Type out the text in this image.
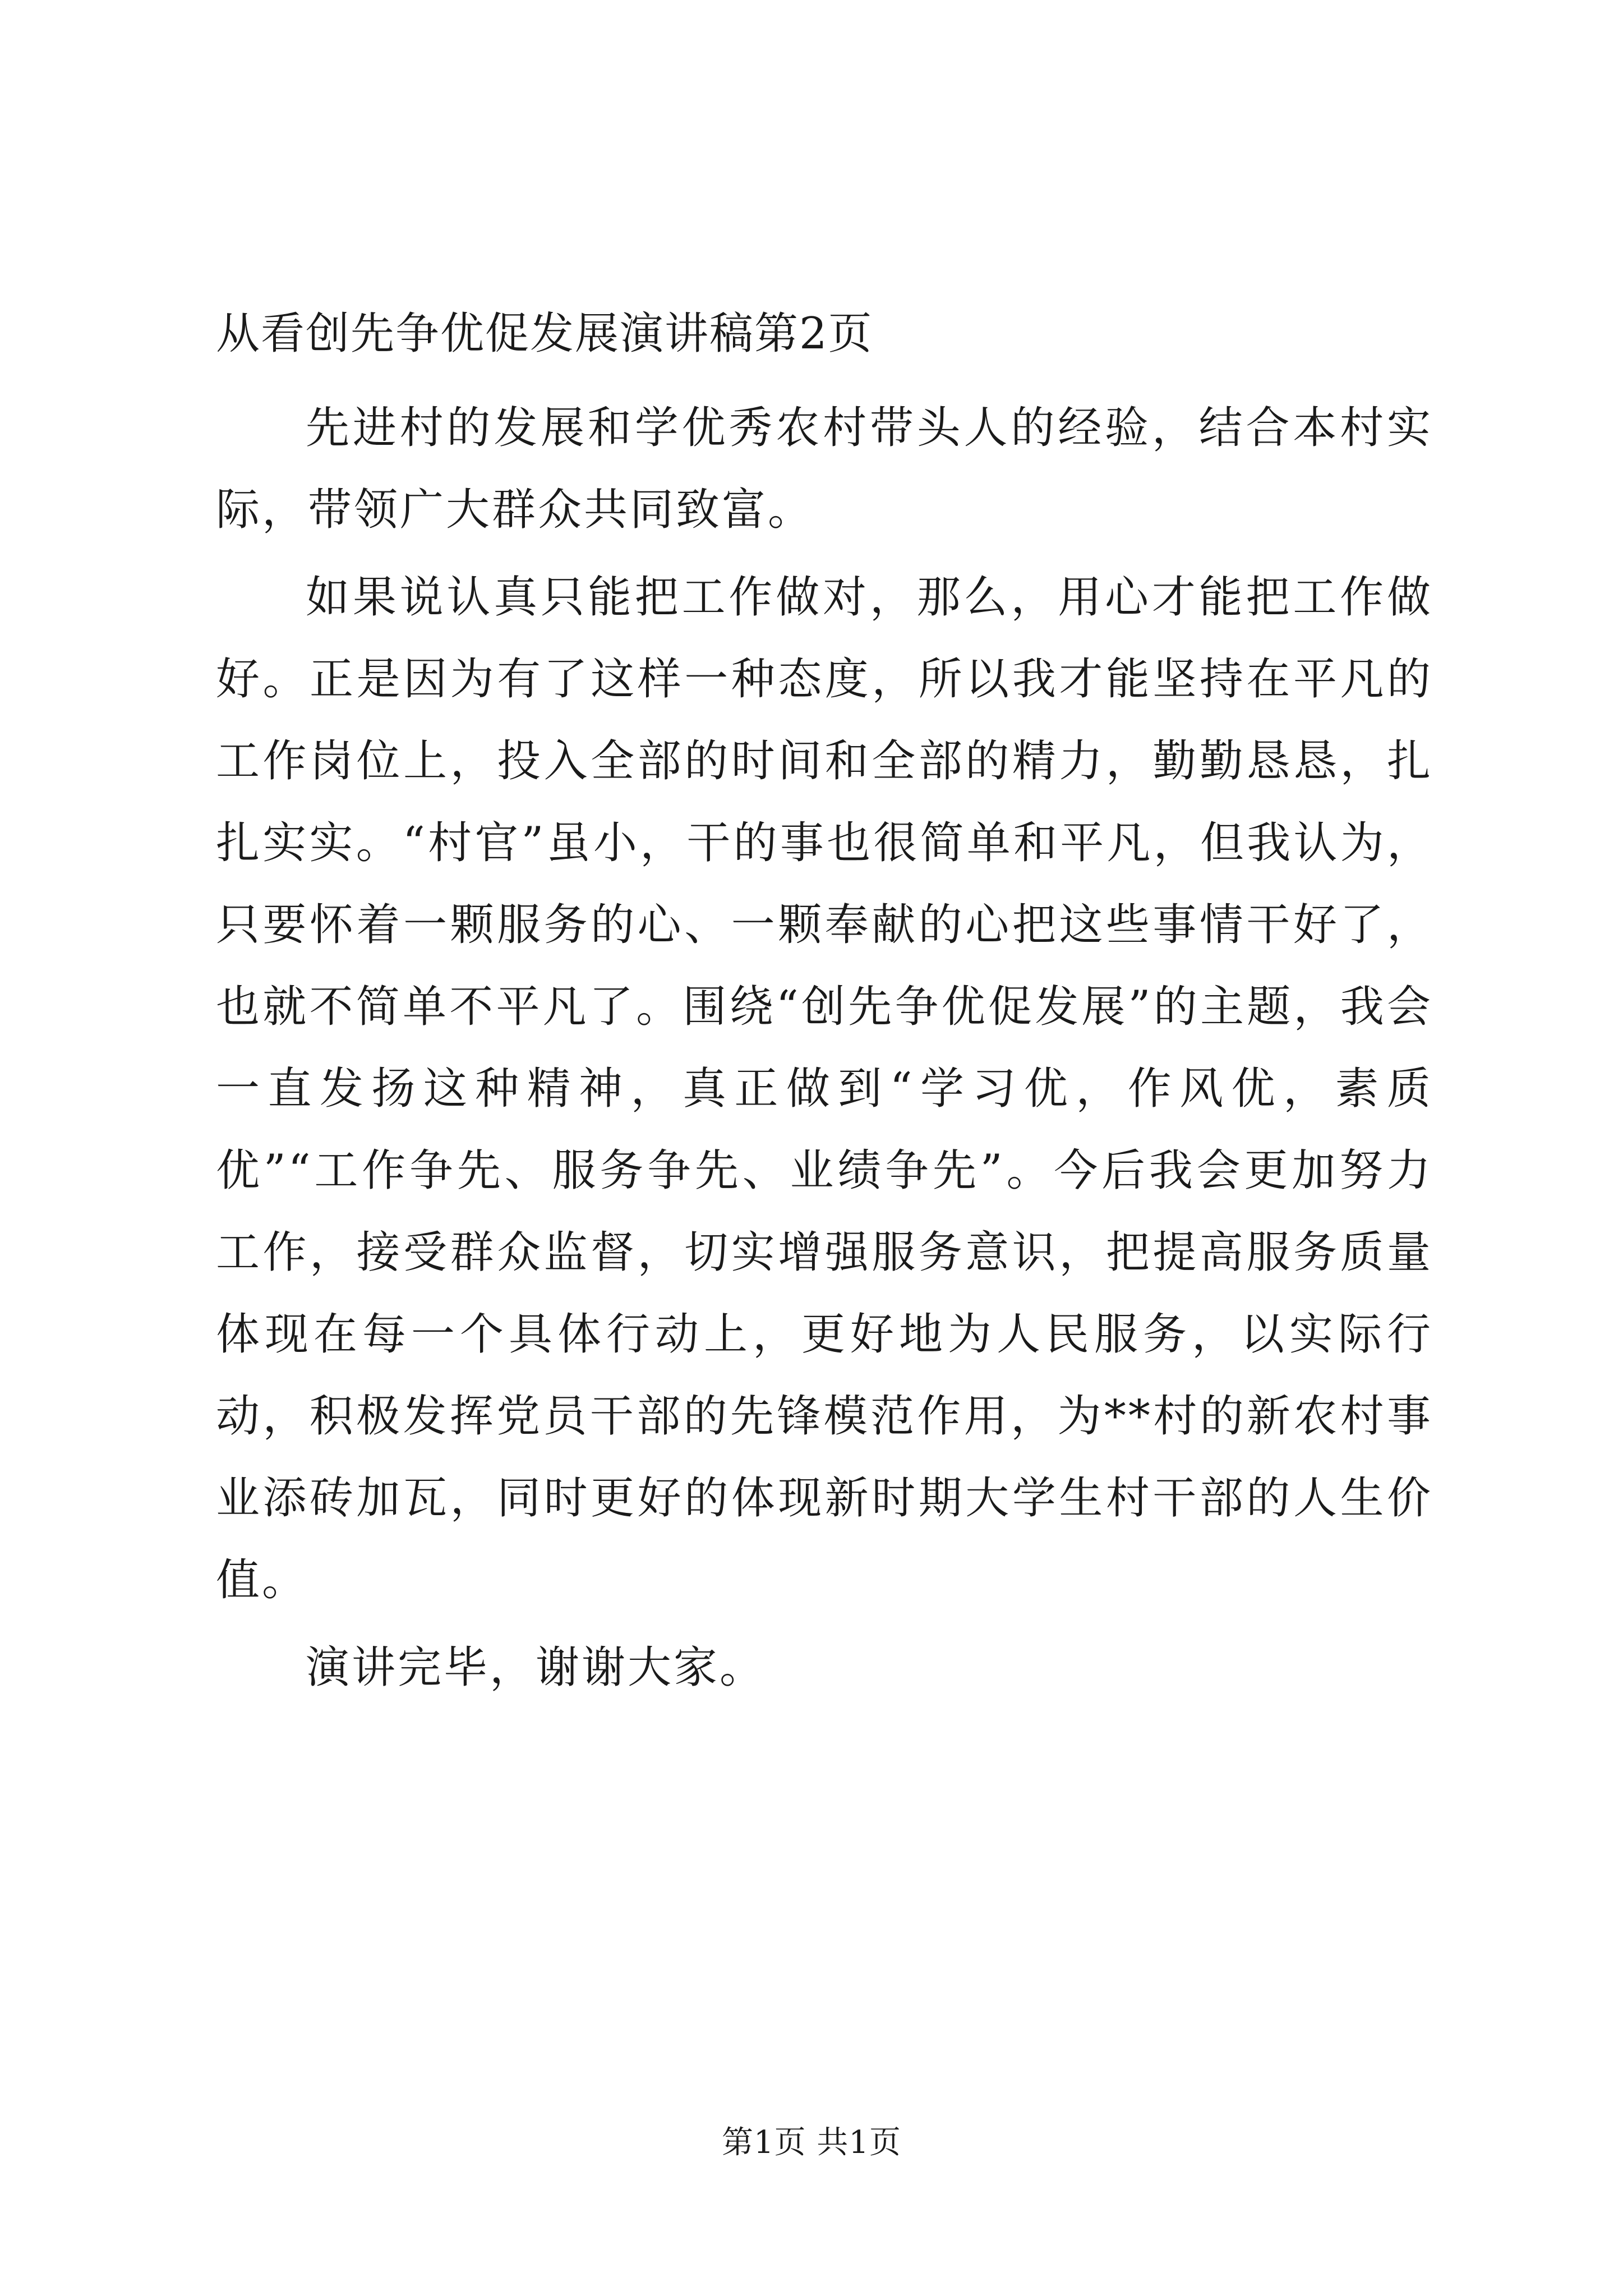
从看创先争优促发展演讲稿第2页

先进村的发展和学优秀农村带头人的经验，结合本村实际，带领广大群众共同致富。

如果说认真只能把工作做对，那么，用心才能把工作做好。正是因为有了这样一种态度，所以我才能坚持在平凡的工作岗位上，投入全部的时间和全部的精力，勤勤恳恳，扎扎实实。“村官”虽小，干的事也很简单和平凡，但我认为，只要怀着一颗服务的心、一颗奉献的心把这些事情干好了，也就不简单不平凡了。围绕“创先争优促发展”的主题，我会一直发扬这种精神，真正做到“学习优，作风优，素质优”“工作争先、服务争先、业绩争先”。今后我会更加努力工作，接受群众监督，切实增强服务意识，把提高服务质量体现在每一个具体行动上，更好地为人民服务，以实际行动，积极发挥党员干部的先锋模范作用，为**村的新农村事业添砖加瓦，同时更好的体现新时期大学生村干部的人生价值。

演讲完毕，谢谢大家。

第1页 共1页
